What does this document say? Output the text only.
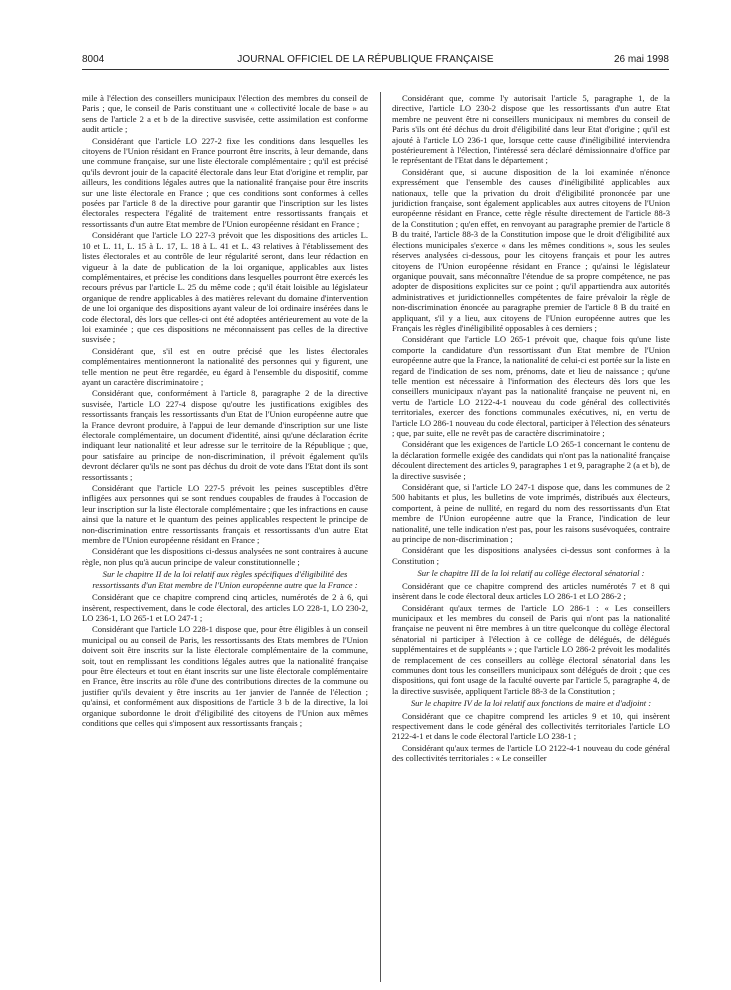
8004	JOURNAL OFFICIEL DE LA RÉPUBLIQUE FRANÇAISE	26 mai 1998

mile à l'élection des conseillers municipaux l'élection des membres du conseil de Paris ; que, le conseil de Paris constituant une « collectivité locale de base » au sens de l'article 2 a et b de la directive susvisée, cette assimilation est conforme audit article ;

Considérant que l'article LO 227-2 fixe les conditions dans lesquelles les citoyens de l'Union résidant en France pourront être inscrits, à leur demande, dans une commune française, sur une liste électorale complémentaire ; qu'il est précisé qu'ils devront jouir de la capacité électorale dans leur Etat d'origine et remplir, par ailleurs, les conditions légales autres que la nationalité française pour être inscrits sur une liste électorale en France ; que ces conditions sont conformes à celles posées par l'article 8 de la directive pour garantir que l'inscription sur les listes électorales respectera l'égalité de traitement entre ressortissants français et ressortissants d'un autre Etat membre de l'Union européenne résidant en France ;

Considérant que l'article LO 227-3 prévoit que les dispositions des articles L. 10 et L. 11, L. 15 à L. 17, L. 18 à L. 41 et L. 43 relatives à l'établissement des listes électorales et au contrôle de leur régularité seront, dans leur rédaction en vigueur à la date de publication de la loi organique, applicables aux listes complémentaires, et précise les conditions dans lesquelles pourront être exercés les recours prévus par l'article L. 25 du même code ; qu'il était loisible au législateur organique de rendre applicables à des matières relevant du domaine d'intervention de une loi organique des dispositions ayant valeur de loi ordinaire insérées dans le code électoral, dès lors que celles-ci ont été adoptées antérieurement au vote de la loi examinée ; que ces dispositions ne méconnaissent pas celles de la directive susvisée ;

Considérant que, s'il est en outre précisé que les listes électorales complémentaires mentionneront la nationalité des personnes qui y figurent, une telle mention ne peut être regardée, eu égard à l'ensemble du dispositif, comme ayant un caractère discriminatoire ;

Considérant que, conformément à l'article 8, paragraphe 2 de la directive susvisée, l'article LO 227-4 dispose qu'outre les justifications exigibles des ressortissants français les ressortissants d'un Etat de l'Union européenne autre que la France devront produire, à l'appui de leur demande d'inscription sur une liste électorale complémentaire, un document d'identité, ainsi qu'une déclaration écrite indiquant leur nationalité et leur adresse sur le territoire de la République ; que, pour satisfaire au principe de non-discrimination, il prévoit également qu'ils devront déclarer qu'ils ne sont pas déchus du droit de vote dans l'Etat dont ils sont ressortissants ;

Considérant que l'article LO 227-5 prévoit les peines susceptibles d'être infligées aux personnes qui se sont rendues coupables de fraudes à l'occasion de leur inscription sur la liste électorale complémentaire ; que les infractions en cause ainsi que la nature et le quantum des peines applicables respectent le principe de non-discrimination entre ressortissants français et ressortissants d'un autre Etat membre de l'Union européenne résidant en France ;

Considérant que les dispositions ci-dessus analysées ne sont contraires à aucune règle, non plus qu'à aucun principe de valeur constitutionnelle ;

Sur le chapitre II de la loi relatif aux règles spécifiques d'éligibilité des ressortissants d'un Etat membre de l'Union européenne autre que la France :

Considérant que ce chapitre comprend cinq articles, numérotés de 2 à 6, qui insèrent, respectivement, dans le code électoral, des articles LO 228-1, LO 230-2, LO 236-1, LO 265-1 et LO 247-1 ;

Considérant que l'article LO 228-1 dispose que, pour être éligibles à un conseil municipal ou au conseil de Paris, les ressortissants des Etats membres de l'Union doivent soit être inscrits sur la liste électorale complémentaire de la commune, soit, tout en remplissant les conditions légales autres que la nationalité française pour être électeurs et tout en étant inscrits sur une liste électorale complémentaire en France, être inscrits au rôle d'une des contributions directes de la commune ou justifier qu'ils devaient y être inscrits au 1er janvier de l'année de l'élection ; qu'ainsi, et conformément aux dispositions de l'article 3 b de la directive, la loi organique subordonne le droit d'éligibilité des citoyens de l'Union aux mêmes conditions que celles qui s'imposent aux ressortissants français ;

Considérant que, comme l'y autorisait l'article 5, paragraphe 1, de la directive, l'article LO 230-2 dispose que les ressortissants d'un autre Etat membre ne peuvent être ni conseillers municipaux ni membres du conseil de Paris s'ils ont été déchus du droit d'éligibilité dans leur Etat d'origine ; qu'il est ajouté à l'article LO 236-1 que, lorsque cette cause d'inéligibilité interviendra postérieurement à l'élection, l'intéressé sera déclaré démissionnaire d'office par le représentant de l'Etat dans le département ;

Considérant que, si aucune disposition de la loi examinée n'énonce expressément que l'ensemble des causes d'inéligibilité applicables aux nationaux, telle que la privation du droit d'éligibilité prononcée par une juridiction française, sont également applicables aux autres citoyens de l'Union européenne résidant en France, cette règle résulte directement de l'article 88-3 de la Constitution ; qu'en effet, en renvoyant au paragraphe premier de l'article 8 B du traité, l'article 88-3 de la Constitution impose que le droit d'éligibilité aux élections municipales s'exerce « dans les mêmes conditions », sous les seules réserves analysées ci-dessous, pour les citoyens français et pour les autres citoyens de l'Union européenne résidant en France ; qu'ainsi le législateur organique pouvait, sans méconnaître l'étendue de sa propre compétence, ne pas adopter de dispositions explicites sur ce point ; qu'il appartiendra aux autorités administratives et juridictionnelles compétentes de faire prévaloir la règle de non-discrimination énoncée au paragraphe premier de l'article 8 B du traité en appliquant, s'il y a lieu, aux citoyens de l'Union européenne autres que les Français les règles d'inéligibilité opposables à ces derniers ;

Considérant que l'article LO 265-1 prévoit que, chaque fois qu'une liste comporte la candidature d'un ressortissant d'un Etat membre de l'Union européenne autre que la France, la nationalité de celui-ci est portée sur la liste en regard de l'indication de ses nom, prénoms, date et lieu de naissance ; qu'une telle mention est nécessaire à l'information des électeurs dès lors que les conseillers municipaux n'ayant pas la nationalité française ne peuvent ni, en vertu de l'article LO 2122-4-1 nouveau du code général des collectivités territoriales, exercer des fonctions communales exécutives, ni, en vertu de l'article LO 286-1 nouveau du code électoral, participer à l'élection des sénateurs ; que, par suite, elle ne revêt pas de caractère discriminatoire ;

Considérant que les exigences de l'article LO 265-1 concernant le contenu de la déclaration formelle exigée des candidats qui n'ont pas la nationalité française découlent directement des articles 9, paragraphes 1 et 9, paragraphe 2 (a et b), de la directive susvisée ;

Considérant que, si l'article LO 247-1 dispose que, dans les communes de 2 500 habitants et plus, les bulletins de vote imprimés, distribués aux électeurs, comportent, à peine de nullité, en regard du nom des ressortissants d'un Etat membre de l'Union européenne autre que la France, l'indication de leur nationalité, une telle indication n'est pas, pour les raisons susévoquées, contraire au principe de non-discrimination ;

Considérant que les dispositions analysées ci-dessus sont conformes à la Constitution ;

Sur le chapitre III de la loi relatif au collège électoral sénatorial :

Considérant que ce chapitre comprend des articles numérotés 7 et 8 qui insèrent dans le code électoral deux articles LO 286-1 et LO 286-2 ;

Considérant qu'aux termes de l'article LO 286-1 : « Les conseillers municipaux et les membres du conseil de Paris qui n'ont pas la nationalité française ne peuvent ni être membres à un titre quelconque du collège électoral sénatorial ni participer à l'élection à ce collège de délégués, de délégués supplémentaires et de suppléants » ; que l'article LO 286-2 prévoit les modalités de remplacement de ces conseillers au collège électoral sénatorial dans les communes dont tous les conseillers municipaux sont délégués de droit ; que ces dispositions, qui font usage de la faculté ouverte par l'article 5, paragraphe 4, de la directive susvisée, appliquent l'article 88-3 de la Constitution ;

Sur le chapitre IV de la loi relatif aux fonctions de maire et d'adjoint :

Considérant que ce chapitre comprend les articles 9 et 10, qui insèrent respectivement dans le code général des collectivités territoriales l'article LO 2122-4-1 et dans le code électoral l'article LO 238-1 ;

Considérant qu'aux termes de l'article LO 2122-4-1 nouveau du code général des collectivités territoriales : « Le conseiller
